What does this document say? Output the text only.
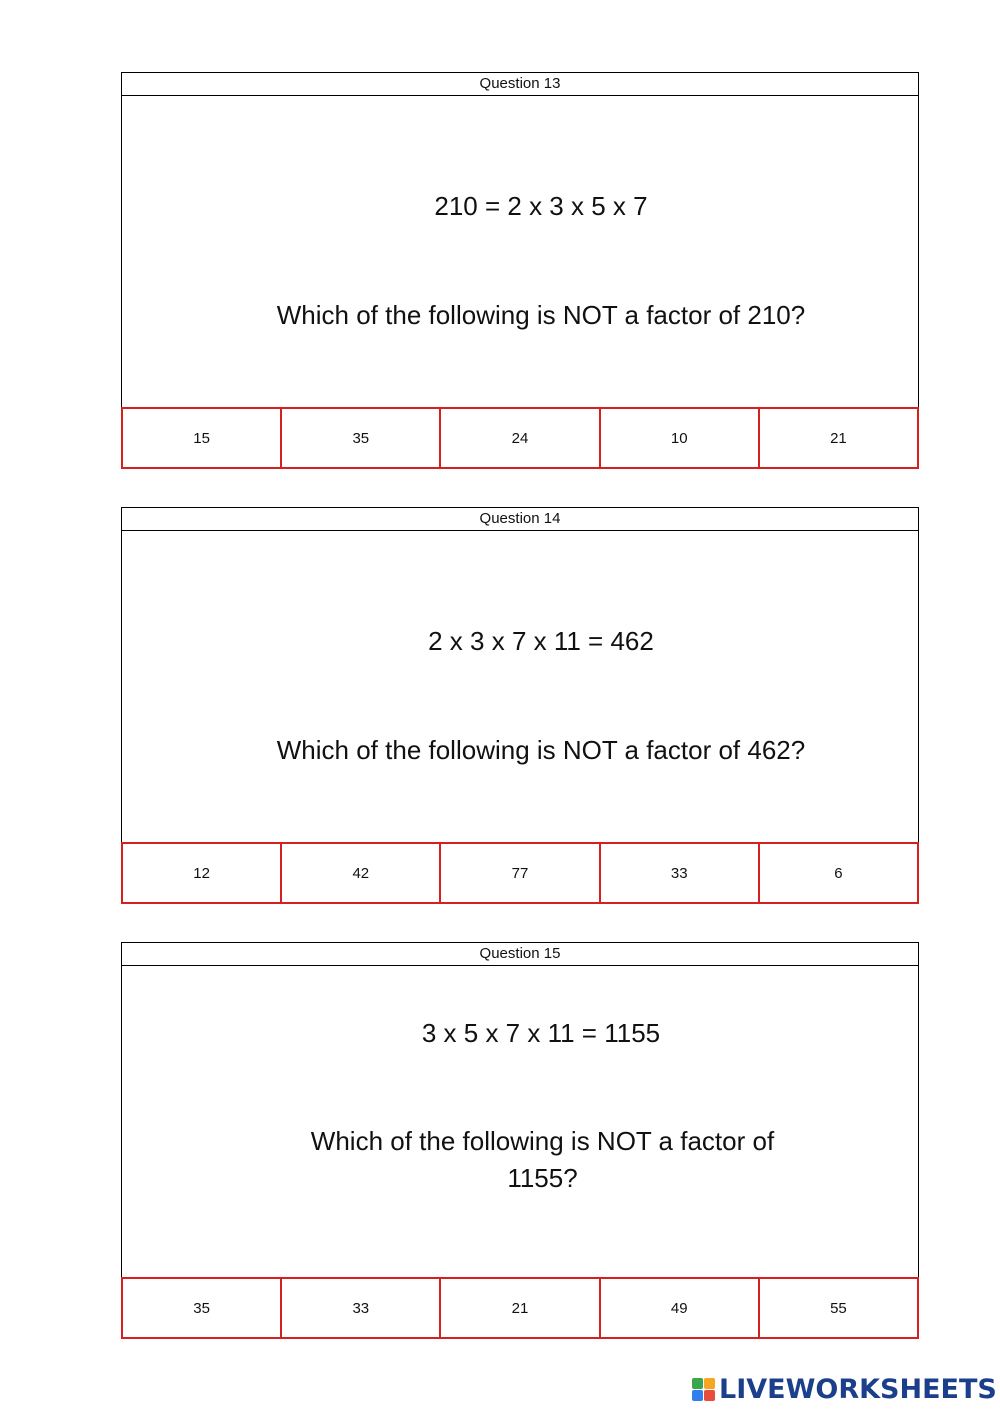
Question 13
210 = 2 x 3 x 5 x 7
Which of the following is NOT a factor of 210?
15	35	24	10	21
Question 14
2 x 3 x 7 x 11 = 462
Which of the following is NOT a factor of 462?
12	42	77	33	6
Question 15
3 x 5 x 7 x 11 = 1155
Which of the following is NOT a factor of 1155?
35	33	21	49	55
LIVEWORKSHEETS
